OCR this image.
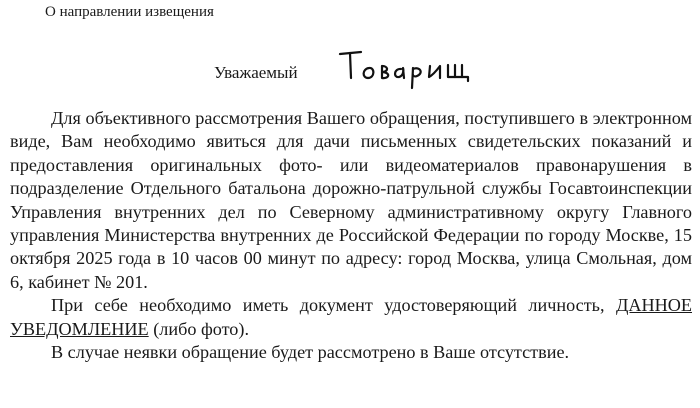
О направлении извещения
Уважаемый

Для объективного рассмотрения Вашего обращения, поступившего в электронном виде, Вам необходимо явиться для дачи письменных свидетельских показаний и предоставления оригинальных фото- или видеоматериалов правонарушения в подразделение Отдельного батальона дорожно-патрульной службы Госавтоинспекции Управления внутренних дел по Северному административному округу Главного управления Министерства внутренних де Российской Федерации по городу Москве, 15 октября 2025 года в 10 часов 00 минут по адресу: город Москва, улица Смольная, дом 6, кабинет № 201.

При себе необходимо иметь документ удостоверяющий личность, ДАННОЕ УВЕДОМЛЕНИЕ (либо фото).

В случае неявки обращение будет рассмотрено в Ваше отсутствие.
